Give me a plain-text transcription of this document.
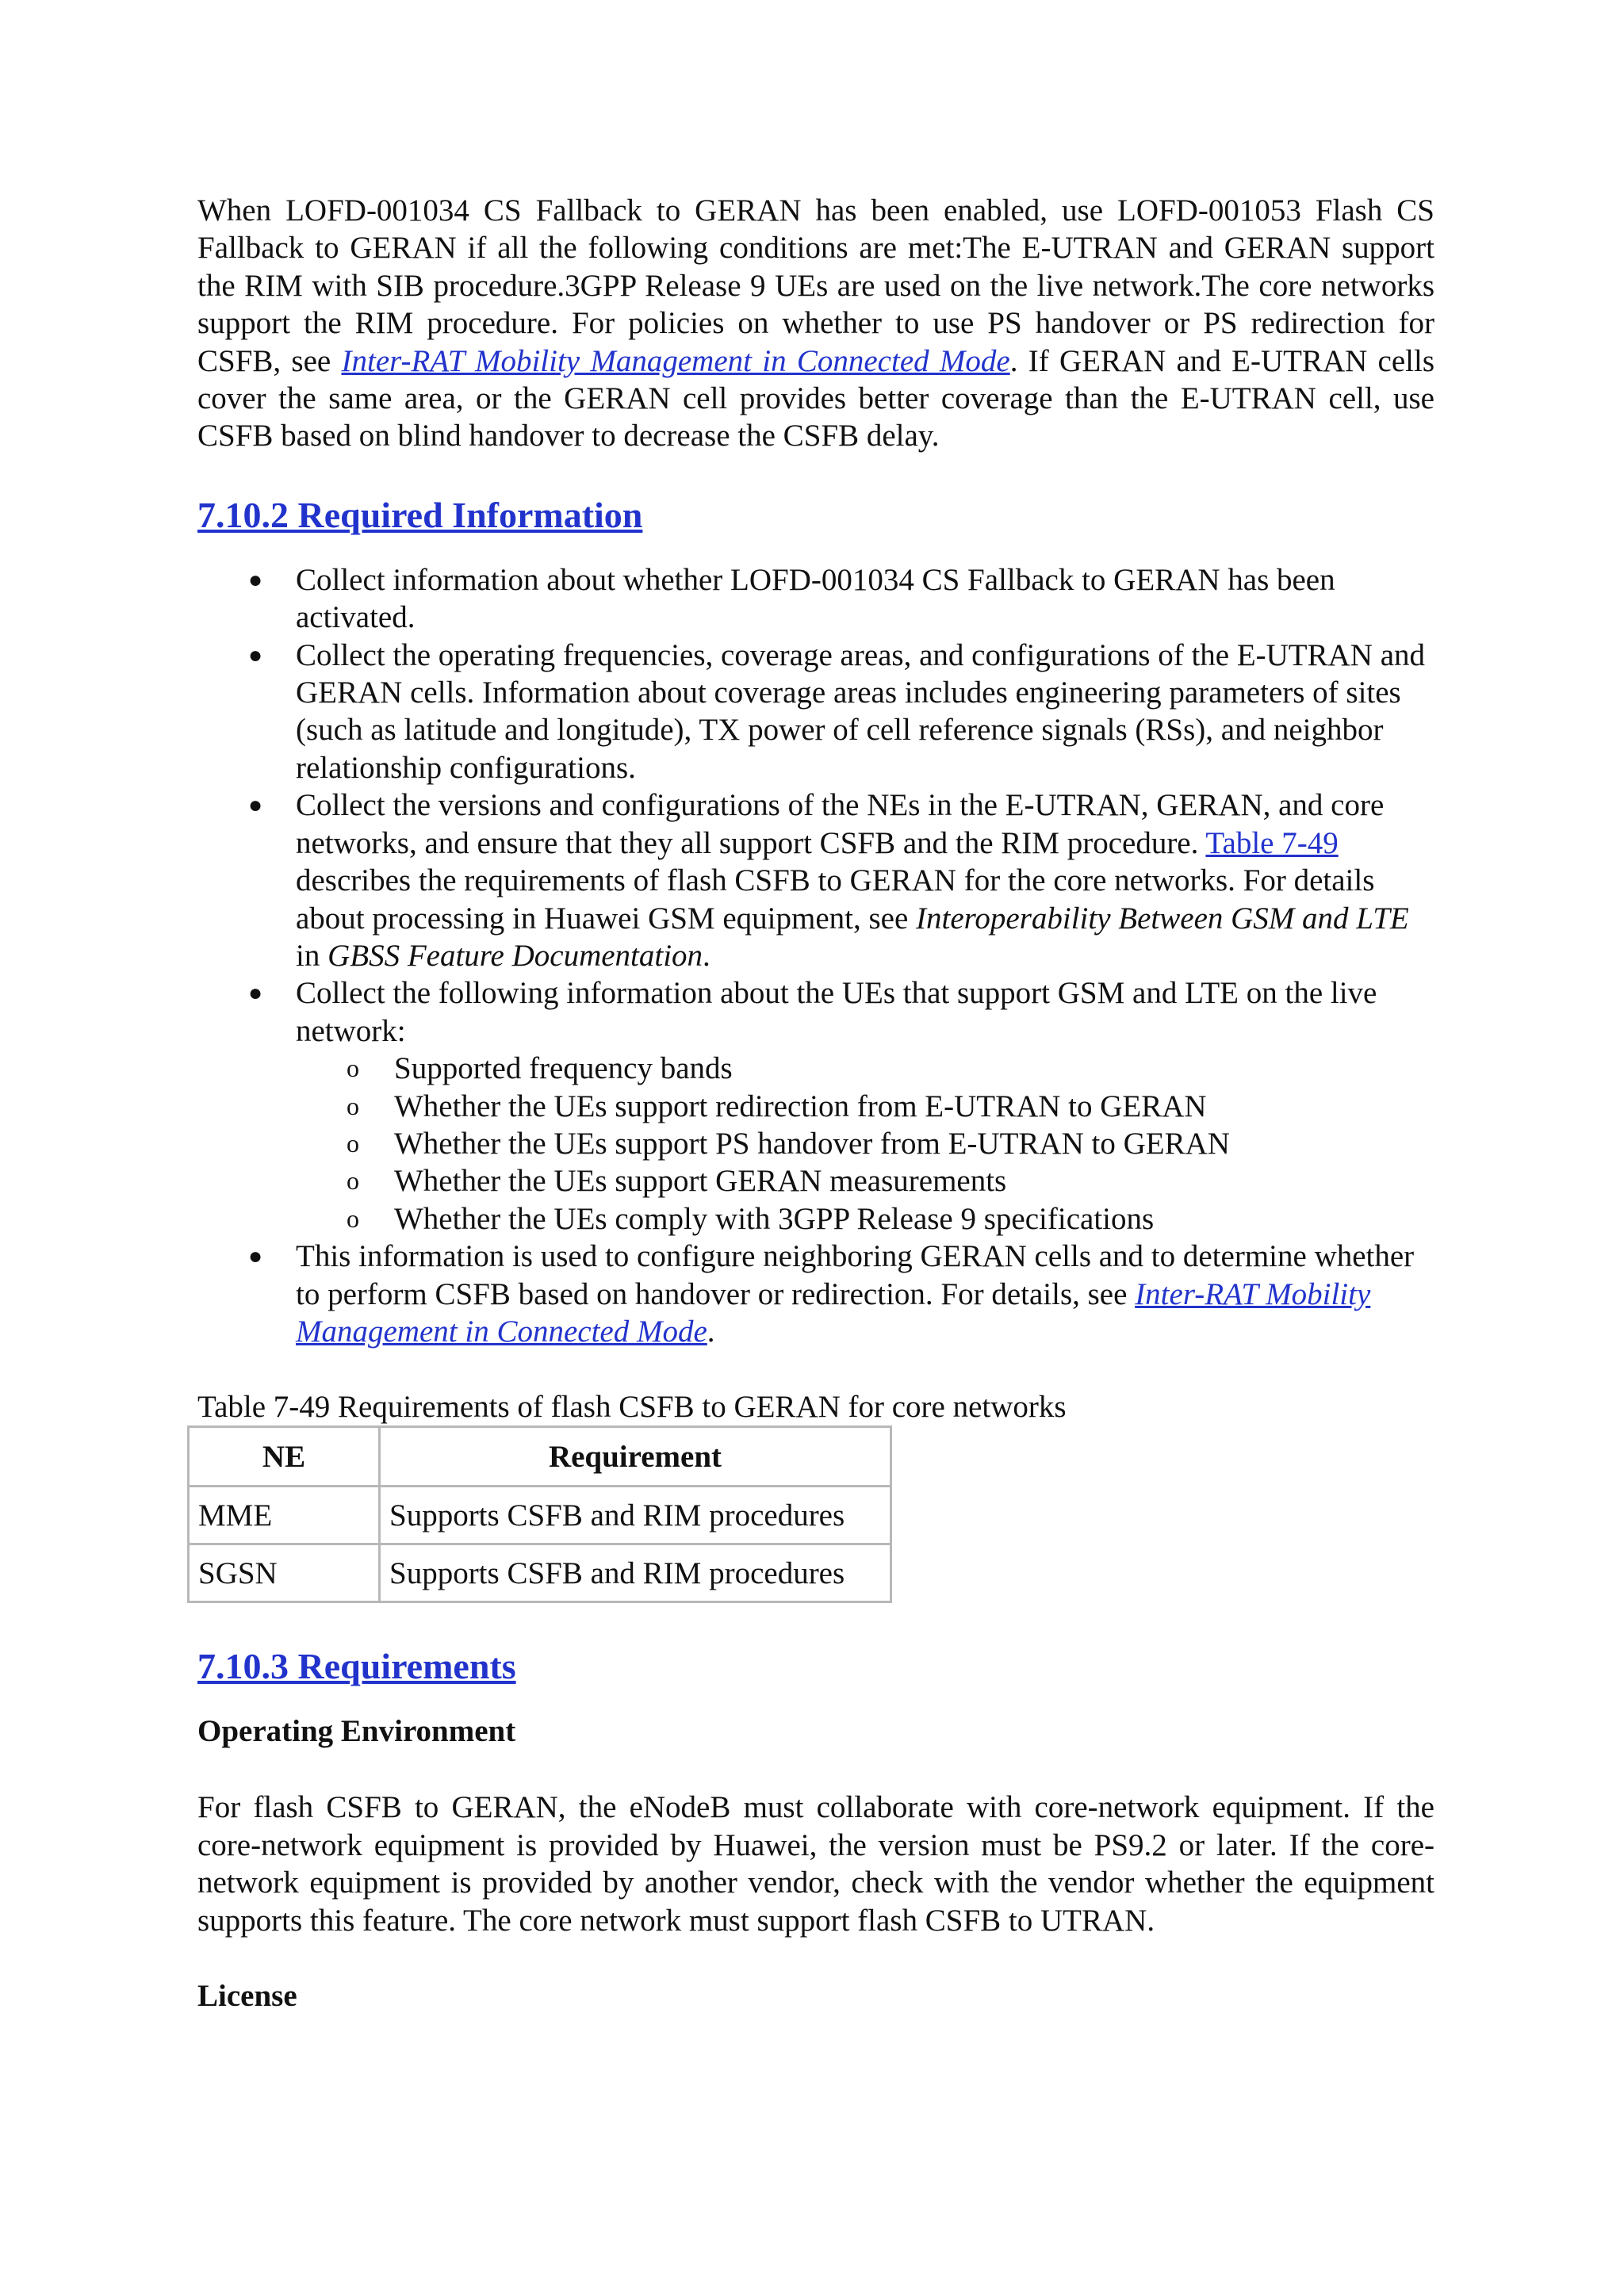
When LOFD-001034 CS Fallback to GERAN has been enabled, use LOFD-001053 Flash CS Fallback to GERAN if all the following conditions are met:The E-UTRAN and GERAN support the RIM with SIB procedure.3GPP Release 9 UEs are used on the live network.The core networks support the RIM procedure. For policies on whether to use PS handover or PS redirection for CSFB, see Inter-RAT Mobility Management in Connected Mode. If GERAN and E-UTRAN cells cover the same area, or the GERAN cell provides better coverage than the E-UTRAN cell, use CSFB based on blind handover to decrease the CSFB delay.

7.10.2 Required Information
● Collect information about whether LOFD-001034 CS Fallback to GERAN has been activated.
● Collect the operating frequencies, coverage areas, and configurations of the E-UTRAN and GERAN cells. Information about coverage areas includes engineering parameters of sites (such as latitude and longitude), TX power of cell reference signals (RSs), and neighbor relationship configurations.
● Collect the versions and configurations of the NEs in the E-UTRAN, GERAN, and core networks, and ensure that they all support CSFB and the RIM procedure. Table 7-49 describes the requirements of flash CSFB to GERAN for the core networks. For details about processing in Huawei GSM equipment, see Interoperability Between GSM and LTE in GBSS Feature Documentation.
● Collect the following information about the UEs that support GSM and LTE on the live network:
o Supported frequency bands
o Whether the UEs support redirection from E-UTRAN to GERAN
o Whether the UEs support PS handover from E-UTRAN to GERAN
o Whether the UEs support GERAN measurements
o Whether the UEs comply with 3GPP Release 9 specifications
● This information is used to configure neighboring GERAN cells and to determine whether to perform CSFB based on handover or redirection. For details, see Inter-RAT Mobility Management in Connected Mode.

Table 7-49 Requirements of flash CSFB to GERAN for core networks

NE	Requirement
MME	Supports CSFB and RIM procedures
SGSN	Supports CSFB and RIM procedures
7.10.3 Requirements
Operating Environment

For flash CSFB to GERAN, the eNodeB must collaborate with core-network equipment. If the core-network equipment is provided by Huawei, the version must be PS9.2 or later. If the core-network equipment is provided by another vendor, check with the vendor whether the equipment supports this feature. The core network must support flash CSFB to UTRAN.

License
